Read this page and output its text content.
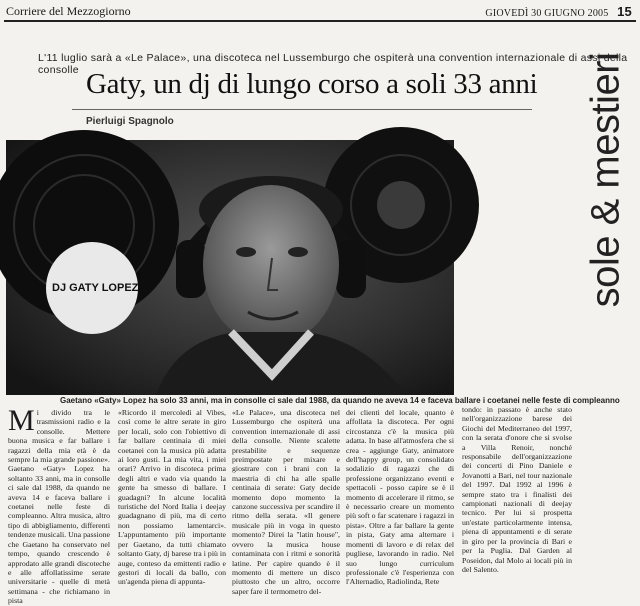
Corriere del Mezzogiorno	GIOVEDÌ 30 GIUGNO 2005 15
L'11 luglio sarà a «Le Palace», una discoteca nel Lussemburgo che ospiterà una convention internazionale di assi della consolle Gaty, un dj di lungo corso a soli 33 anni
Pierluigi Spagnolo	sole & mestieri
DJ GATY LOPEZ
Gaetano «Gaty» Lopez ha solo 33 anni, ma in consolle ci sale dal 1988, da quando ne aveva 14 e faceva ballare i coetanei nelle feste di compleanno
Mi divido tra le trasmissioni radio e la consolle. Mettere buona musica e far ballare i ragazzi della mia età è da sempre la mia grande passione». Gaetano «Gaty» Lopez ha soltanto 33 anni, ma in consolle ci sale dal 1988, da quando ne aveva 14 e faceva ballare i coetanei nelle feste di compleanno. Altra musica, altro tipo di abbigliamento, differenti tendenze musicali. Una passione che Gaetano ha conservato nel tempo, quando crescendo è approdato alle grandi discoteche e alle affollatissime serate universitarie - quelle di metà settimana - che richiamano in pista
«Ricordo il mercoledì al Vibes, così come le altre serate in giro per locali, solo con l'obiettivo di far ballare centinaia di miei coetanei con la musica più adatta ai loro gusti. La mia vita, i miei orari? Arrivo in discoteca prima degli altri e vado via quando la gente ha smesso di ballare. I guadagni? In alcune località turistiche del Nord Italia i deejay guadagnano di più, ma di certo non possiamo lamentarci». L'appuntamento più importante per Gaetano, da tutti chiamato soltanto Gaty, dj barese tra i più in auge, conteso da emittenti radio e gestori di locali da ballo, con un'agenda piena di appunta-
«Le Palace», una discoteca nel Lussemburgo che ospiterà una convention internazionale di assi della consolle. Niente scalette prestabilite e sequenze preimpostate per mixare e giostrare con i brani con la maestria di chi ha alle spalle centinaia di serate: Gaty decide momento dopo momento la canzone successiva per scandire il ritmo della serata. «Il genere musicale più in voga in questo momento? Direi la "latin house", ovvero la musica house contaminata con i ritmi e sonorità latine. Per capire quando è il momento di mettere un disco piuttosto che un altro, occorre saper fare il termometro del-
dei clienti del locale, quanto è affollata la discoteca. Per ogni circostanza c'è la musica più adatta. In base all'atmosfera che si crea - aggiunge Gaty, animatore dell'happy group, un consolidato sodalizio di ragazzi che di professione organizzano eventi e spettacoli - posso capire se è il momento di accelerare il ritmo, se è necessario creare un momento più soft o far scatenare i ragazzi in pista». Oltre a far ballare la gente in pista, Gaty ama alternare i momenti di lavoro e di relax del pugliese, lavorando in radio. Nel suo lungo curriculum professionale c'è l'esperienza con l'Alternadio, Radiolinda, Rete
tondo: in passato è anche stato nell'organizzazione barese dei Giochi del Mediterraneo del 1997, con la serata d'onore che si svolse a Villa Renoir, nonché responsabile dell'organizzazione dei concerti di Pino Daniele e Jovanotti a Bari, nel tour nazionale del 1997. Dal 1992 al 1996 è sempre stato tra i finalisti dei campionati nazionali di deejay tecnico. Per lui si prospetta un'estate particolarmente intensa, piena di appuntamenti e di serate in giro per la provincia di Bari e per la Puglia. Dal Garden al Poseidon, dal Molo ai locali più in del Salento.
